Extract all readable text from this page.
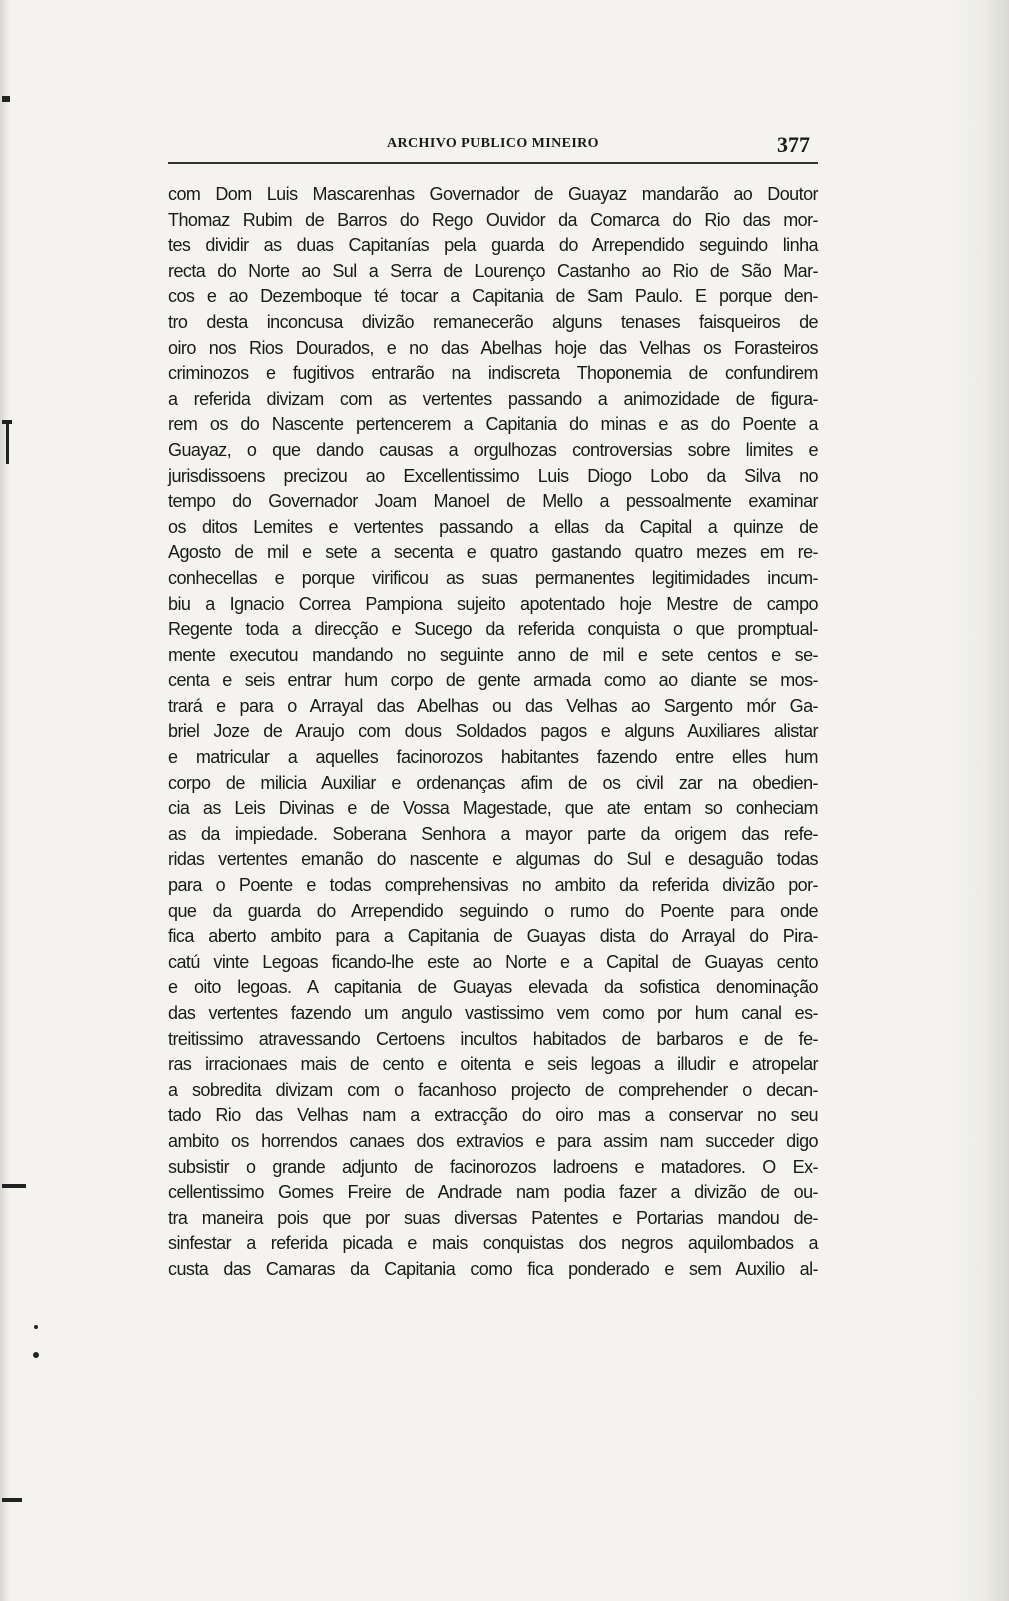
ARCHIVO PUBLICO MINEIRO	377
com Dom Luis Mascarenhas Governador de Guayaz mandarão ao Doutor
Thomaz Rubim de Barros do Rego Ouvidor da Comarca do Rio das mor-
tes dividir as duas Capitanías pela guarda do Arrependido seguindo linha
recta do Norte ao Sul a Serra de Lourenço Castanho ao Rio de São Mar-
cos e ao Dezemboque té tocar a Capitania de Sam Paulo. E porque den-
tro desta inconcusa divizão remanecerão alguns tenases faisqueiros de
oiro nos Rios Dourados, e no das Abelhas hoje das Velhas os Forasteiros
criminozos e fugitivos entrarão na indiscreta Thoponemia de confundirem
a referida divizam com as vertentes passando a animozidade de figura-
rem os do Nascente pertencerem a Capitania do minas e as do Poente a
Guayaz, o que dando causas a orgulhozas controversias sobre limites e
jurisdissoens precizou ao Excellentissimo Luis Diogo Lobo da Silva no
tempo do Governador Joam Manoel de Mello a pessoalmente examinar
os ditos Lemites e vertentes passando a ellas da Capital a quinze de
Agosto de mil e sete a secenta e quatro gastando quatro mezes em re-
conhecellas e porque virificou as suas permanentes legitimidades incum-
biu a Ignacio Correa Pampiona sujeito apotentado hoje Mestre de campo
Regente toda a direcção e Sucego da referida conquista o que promptual-
mente executou mandando no seguinte anno de mil e sete centos e se-
centa e seis entrar hum corpo de gente armada como ao diante se mos-
trará e para o Arrayal das Abelhas ou das Velhas ao Sargento mór Ga-
briel Joze de Araujo com dous Soldados pagos e alguns Auxiliares alistar
e matricular a aquelles facinorozos habitantes fazendo entre elles hum
corpo de milicia Auxiliar e ordenanças afim de os civil zar na obedien-
cia as Leis Divinas e de Vossa Magestade, que ate entam so conheciam
as da impiedade. Soberana Senhora a mayor parte da origem das refe-
ridas vertentes emanão do nascente e algumas do Sul e desaguão todas
para o Poente e todas comprehensivas no ambito da referida divizão por-
que da guarda do Arrependido seguindo o rumo do Poente para onde
fica aberto ambito para a Capitania de Guayas dista do Arrayal do Pira-
catú vinte Legoas ficando-lhe este ao Norte e a Capital de Guayas cento
e oito legoas. A capitania de Guayas elevada da sofistica denominação
das vertentes fazendo um angulo vastissimo vem como por hum canal es-
treitissimo atravessando Certoens incultos habitados de barbaros e de fe-
ras irracionaes mais de cento e oitenta e seis legoas a illudir e atropelar
a sobredita divizam com o facanhoso projecto de comprehender o decan-
tado Rio das Velhas nam a extracção do oiro mas a conservar no seu
ambito os horrendos canaes dos extravios e para assim nam succeder digo
subsistir o grande adjunto de facinorozos ladroens e matadores. O Ex-
cellentissimo Gomes Freire de Andrade nam podia fazer a divizão de ou-
tra maneira pois que por suas diversas Patentes e Portarias mandou de-
sinfestar a referida picada e mais conquistas dos negros aquilombados a
custa das Camaras da Capitania como fica ponderado e sem Auxilio al-
